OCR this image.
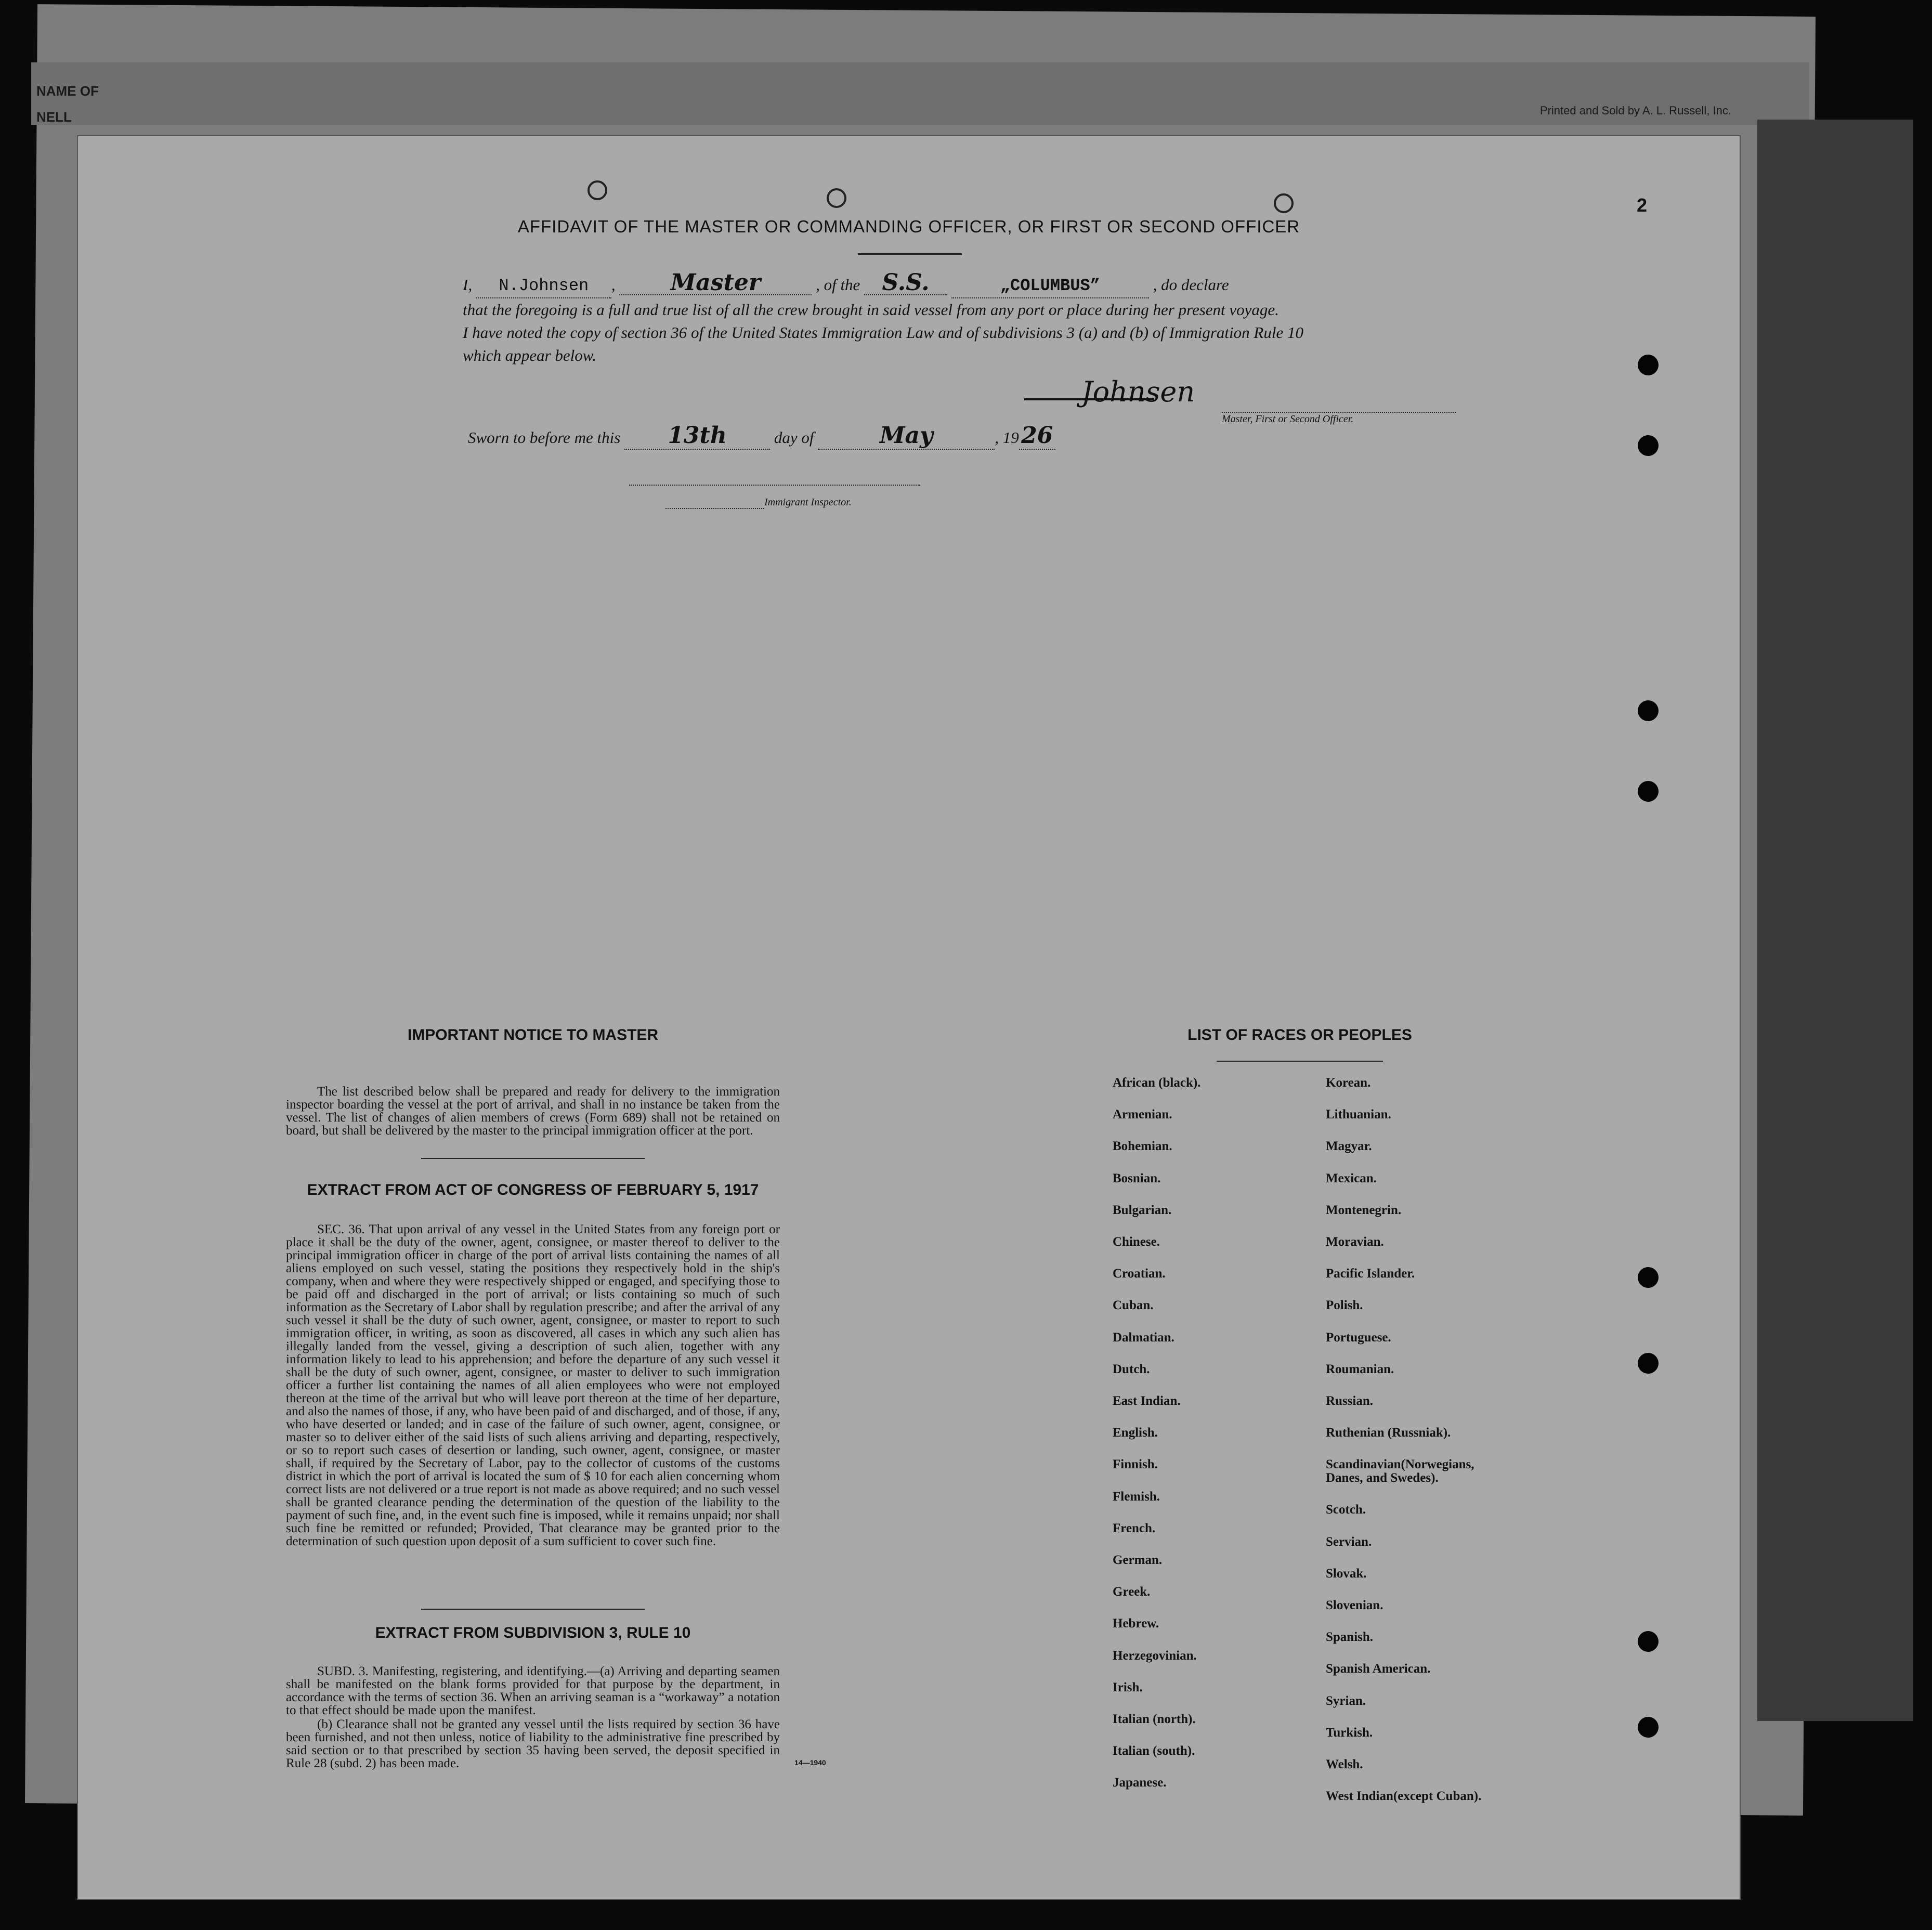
NAME OF
NELL	Printed and Sold by A. L. Russell, Inc.
2
AFFIDAVIT OF THE MASTER OR COMMANDING OFFICER, OR FIRST OR SECOND OFFICER
I, N.Johnsen , Master	, of the S.S.	„COLUMBUS”	, do declare
that the foregoing is a full and true list of all the crew brought in said vessel from any port or place during her present voyage.
I have noted the copy of section 36 of the United States Immigration Law and of subdivisions 3 (a) and (b) of Immigration Rule 10
which appear below.
Johnsen
Master, First or Second Officer.
Sworn to before me this 13th	day of	May	, 1926
Immigrant Inspector.
IMPORTANT NOTICE TO MASTER
The list described below shall be prepared and ready for delivery to the immigration inspector boarding the vessel at the port of arrival, and shall in no instance be taken from the vessel. The list of changes of alien members of crews (Form 689) shall not be retained on board, but shall be delivered by the master to the principal immigration officer at the port.
EXTRACT FROM ACT OF CONGRESS OF FEBRUARY 5, 1917
SEC. 36. That upon arrival of any vessel in the United States from any foreign port or place it shall be the duty of the owner, agent, consignee, or master thereof to deliver to the principal immigration officer in charge of the port of arrival lists containing the names of all aliens employed on such vessel, stating the positions they respectively hold in the ship's company, when and where they were respectively shipped or engaged, and specifying those to be paid off and discharged in the port of arrival; or lists containing so much of such information as the Secretary of Labor shall by regulation prescribe; and after the arrival of any such vessel it shall be the duty of such owner, agent, consignee, or master to report to such immigration officer, in writing, as soon as discovered, all cases in which any such alien has illegally landed from the vessel, giving a description of such alien, together with any information likely to lead to his apprehension; and before the departure of any such vessel it shall be the duty of such owner, agent, consignee, or master to deliver to such immigration officer a further list containing the names of all alien employees who were not employed thereon at the time of the arrival but who will leave port thereon at the time of her departure, and also the names of those, if any, who have been paid of and discharged, and of those, if any, who have deserted or landed; and in case of the failure of such owner, agent, consignee, or master so to deliver either of the said lists of such aliens arriving and departing, respectively, or so to report such cases of desertion or landing, such owner, agent, consignee, or master shall, if required by the Secretary of Labor, pay to the collector of customs of the customs district in which the port of arrival is located the sum of $ 10 for each alien concerning whom correct lists are not delivered or a true report is not made as above required; and no such vessel shall be granted clearance pending the determination of the question of the liability to the payment of such fine, and, in the event such fine is imposed, while it remains unpaid; nor shall such fine be remitted or refunded; Provided, That clearance may be granted prior to the determination of such question upon deposit of a sum sufficient to cover such fine.
EXTRACT FROM SUBDIVISION 3, RULE 10
SUBD. 3. Manifesting, registering, and identifying.—(a) Arriving and departing seamen shall be manifested on the blank forms provided for that purpose by the department, in accordance with the terms of section 36. When an arriving seaman is a “workaway” a notation to that effect should be made upon the manifest.
(b) Clearance shall not be granted any vessel until the lists required by section 36 have been furnished, and not then unless, notice of liability to the administrative fine prescribed by said section or to that prescribed by section 35 having been served, the deposit specified in Rule 28 (subd. 2) has been made.	14—1940
LIST OF RACES OR PEOPLES
African (black).
Armenian.
Bohemian.
Bosnian.
Bulgarian.
Chinese.
Croatian.
Cuban.
Dalmatian.
Dutch.
East Indian.
English.
Finnish.
Flemish.
French.
German.
Greek.
Hebrew.
Herzegovinian.
Irish.
Italian (north).
Italian (south).
Japanese.
Korean.
Lithuanian.
Magyar.
Mexican.
Montenegrin.
Moravian.
Pacific Islander.
Polish.
Portuguese.
Roumanian.
Russian.
Ruthenian (Russniak).
Scandinavian(Norwegians,
Danes, and Swedes).
Scotch.
Servian.
Slovak.
Slovenian.
Spanish.
Spanish American.
Syrian.
Turkish.
Welsh.
West Indian(except Cuban).
